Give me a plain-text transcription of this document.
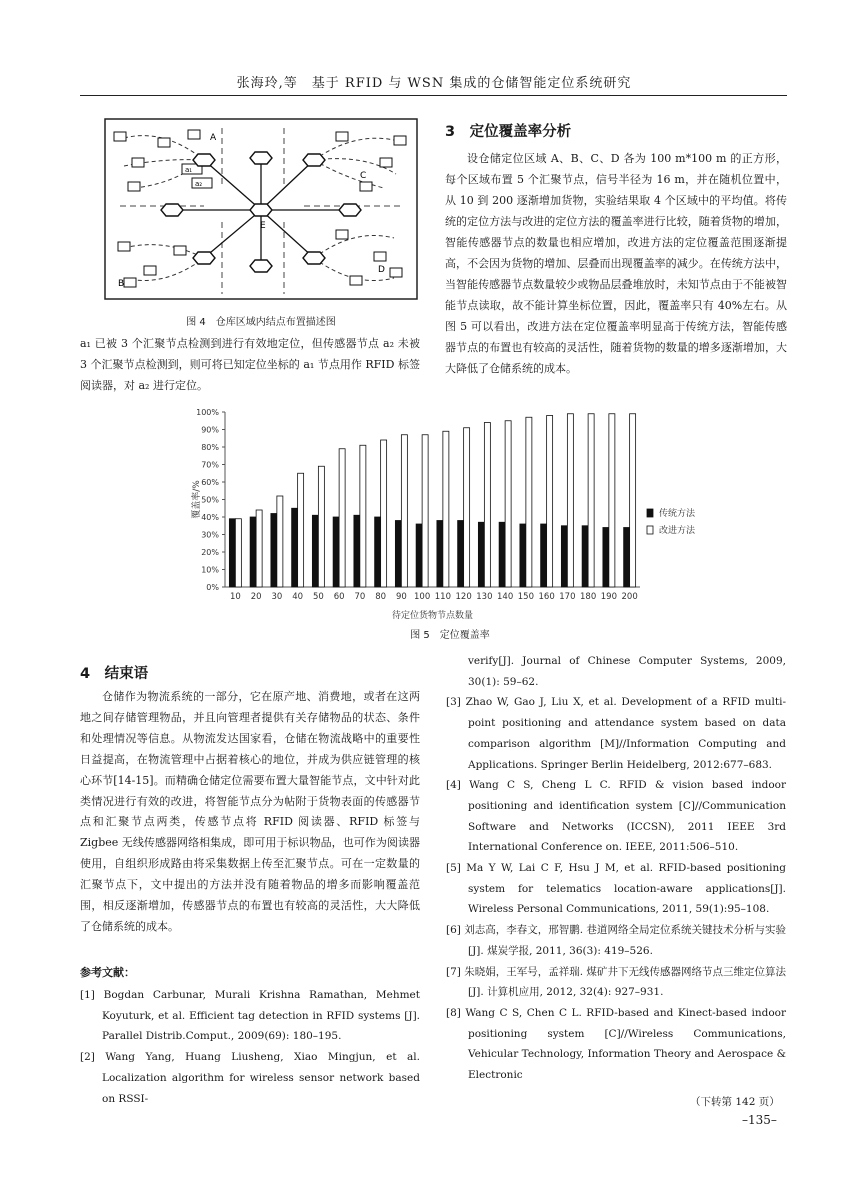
张海玲,等　基于 RFID 与 WSN 集成的仓储智能定位系统研究
A
B
C
D
E
a₁
a₂
图 4　仓库区域内结点布置描述图
a₁ 已被 3 个汇聚节点检测到进行有效地定位，但传感器节点 a₂ 未被 3 个汇聚节点检测到，则可将已知定位坐标的 a₁ 节点用作 RFID 标签阅读器，对 a₂ 进行定位。
3　定位覆盖率分析
设仓储定位区域 A、B、C、D 各为 100 m*100 m 的正方形，每个区域布置 5 个汇聚节点，信号半径为 16 m，并在随机位置中，从 10 到 200 逐渐增加货物，实验结果取 4 个区域中的平均值。将传统的定位方法与改进的定位方法的覆盖率进行比较，随着货物的增加，智能传感器节点的数量也相应增加，改进方法的定位覆盖范围逐渐提高，不会因为货物的增加、层叠而出现覆盖率的减少。在传统方法中，当智能传感器节点数量较少或物品层叠堆放时，未知节点由于不能被智能节点读取，故不能计算坐标位置，因此，覆盖率只有 40%左右。从图 5 可以看出，改进方法在定位覆盖率明显高于传统方法，智能传感器节点的布置也有较高的灵活性，随着货物的数量的增多逐渐增加，大大降低了仓储系统的成本。
0%
10%
20%
30%
40%
50%
60%
70%
80%
90%
100%
覆盖率/%
10 20 30 40 50 60 70 80 90 100 110 120 130 140 150 160 170 180 190 200
待定位货物节点数量
传统方法
改进方法
图 5　定位覆盖率
4　结束语
仓储作为物流系统的一部分，它在原产地、消费地，或者在这两地之间存储管理物品，并且向管理者提供有关存储物品的状态、条件和处理情况等信息。从物流发达国家看，仓储在物流战略中的重要性日益提高，在物流管理中占据着核心的地位，并成为供应链管理的核心环节[14-15]。而精确仓储定位需要布置大量智能节点，文中针对此类情况进行有效的改进，将智能节点分为帖附于货物表面的传感器节点和汇聚节点两类，传感节点将 RFID 阅读器、RFID 标签与 Zigbee 无线传感器网络相集成，即可用于标识物品，也可作为阅读器使用，自组织形成路由将采集数据上传至汇聚节点。可在一定数量的汇聚节点下，文中提出的方法并没有随着物品的增多而影响覆盖范围，相反逐渐增加，传感器节点的布置也有较高的灵活性，大大降低了仓储系统的成本。
参考文献：

[1] Bogdan Carbunar, Murali Krishna Ramathan, Mehmet Koyuturk, et al. Efficient tag detection in RFID systems [J]. Parallel Distrib.Comput., 2009(69): 180–195.

[2] Wang Yang, Huang Liusheng, Xiao Mingjun, et al. Localization algorithm for wireless sensor network based on RSSI-

verify[J]. Journal of Chinese Computer Systems, 2009, 30(1): 59–62.

[3] Zhao W, Gao J, Liu X, et al. Development of a RFID multi-point positioning and attendance system based on data comparison algorithm [M]//Information Computing and Applications. Springer Berlin Heidelberg, 2012:677–683.

[4] Wang C S, Cheng L C. RFID & vision based indoor positioning and identification system [C]//Communication Software and Networks (ICCSN), 2011 IEEE 3rd International Conference on. IEEE, 2011:506–510.

[5] Ma Y W, Lai C F, Hsu J M, et al. RFID-based positioning system for telematics location-aware applications[J]. Wireless Personal Communications, 2011, 59(1):95–108.

[6] 刘志高，李春文，邢智鹏. 巷道网络全局定位系统关键技术分析与实验[J]. 煤炭学报, 2011, 36(3): 419–526.

[7] 朱晓娟，王军号，孟祥瑞. 煤矿井下无线传感器网络节点三维定位算法[J]. 计算机应用, 2012, 32(4): 927–931.

[8] Wang C S, Chen C L. RFID-based and Kinect-based indoor positioning system [C]//Wireless Communications, Vehicular Technology, Information Theory and Aerospace & Electronic

（下转第 142 页）
–135–
